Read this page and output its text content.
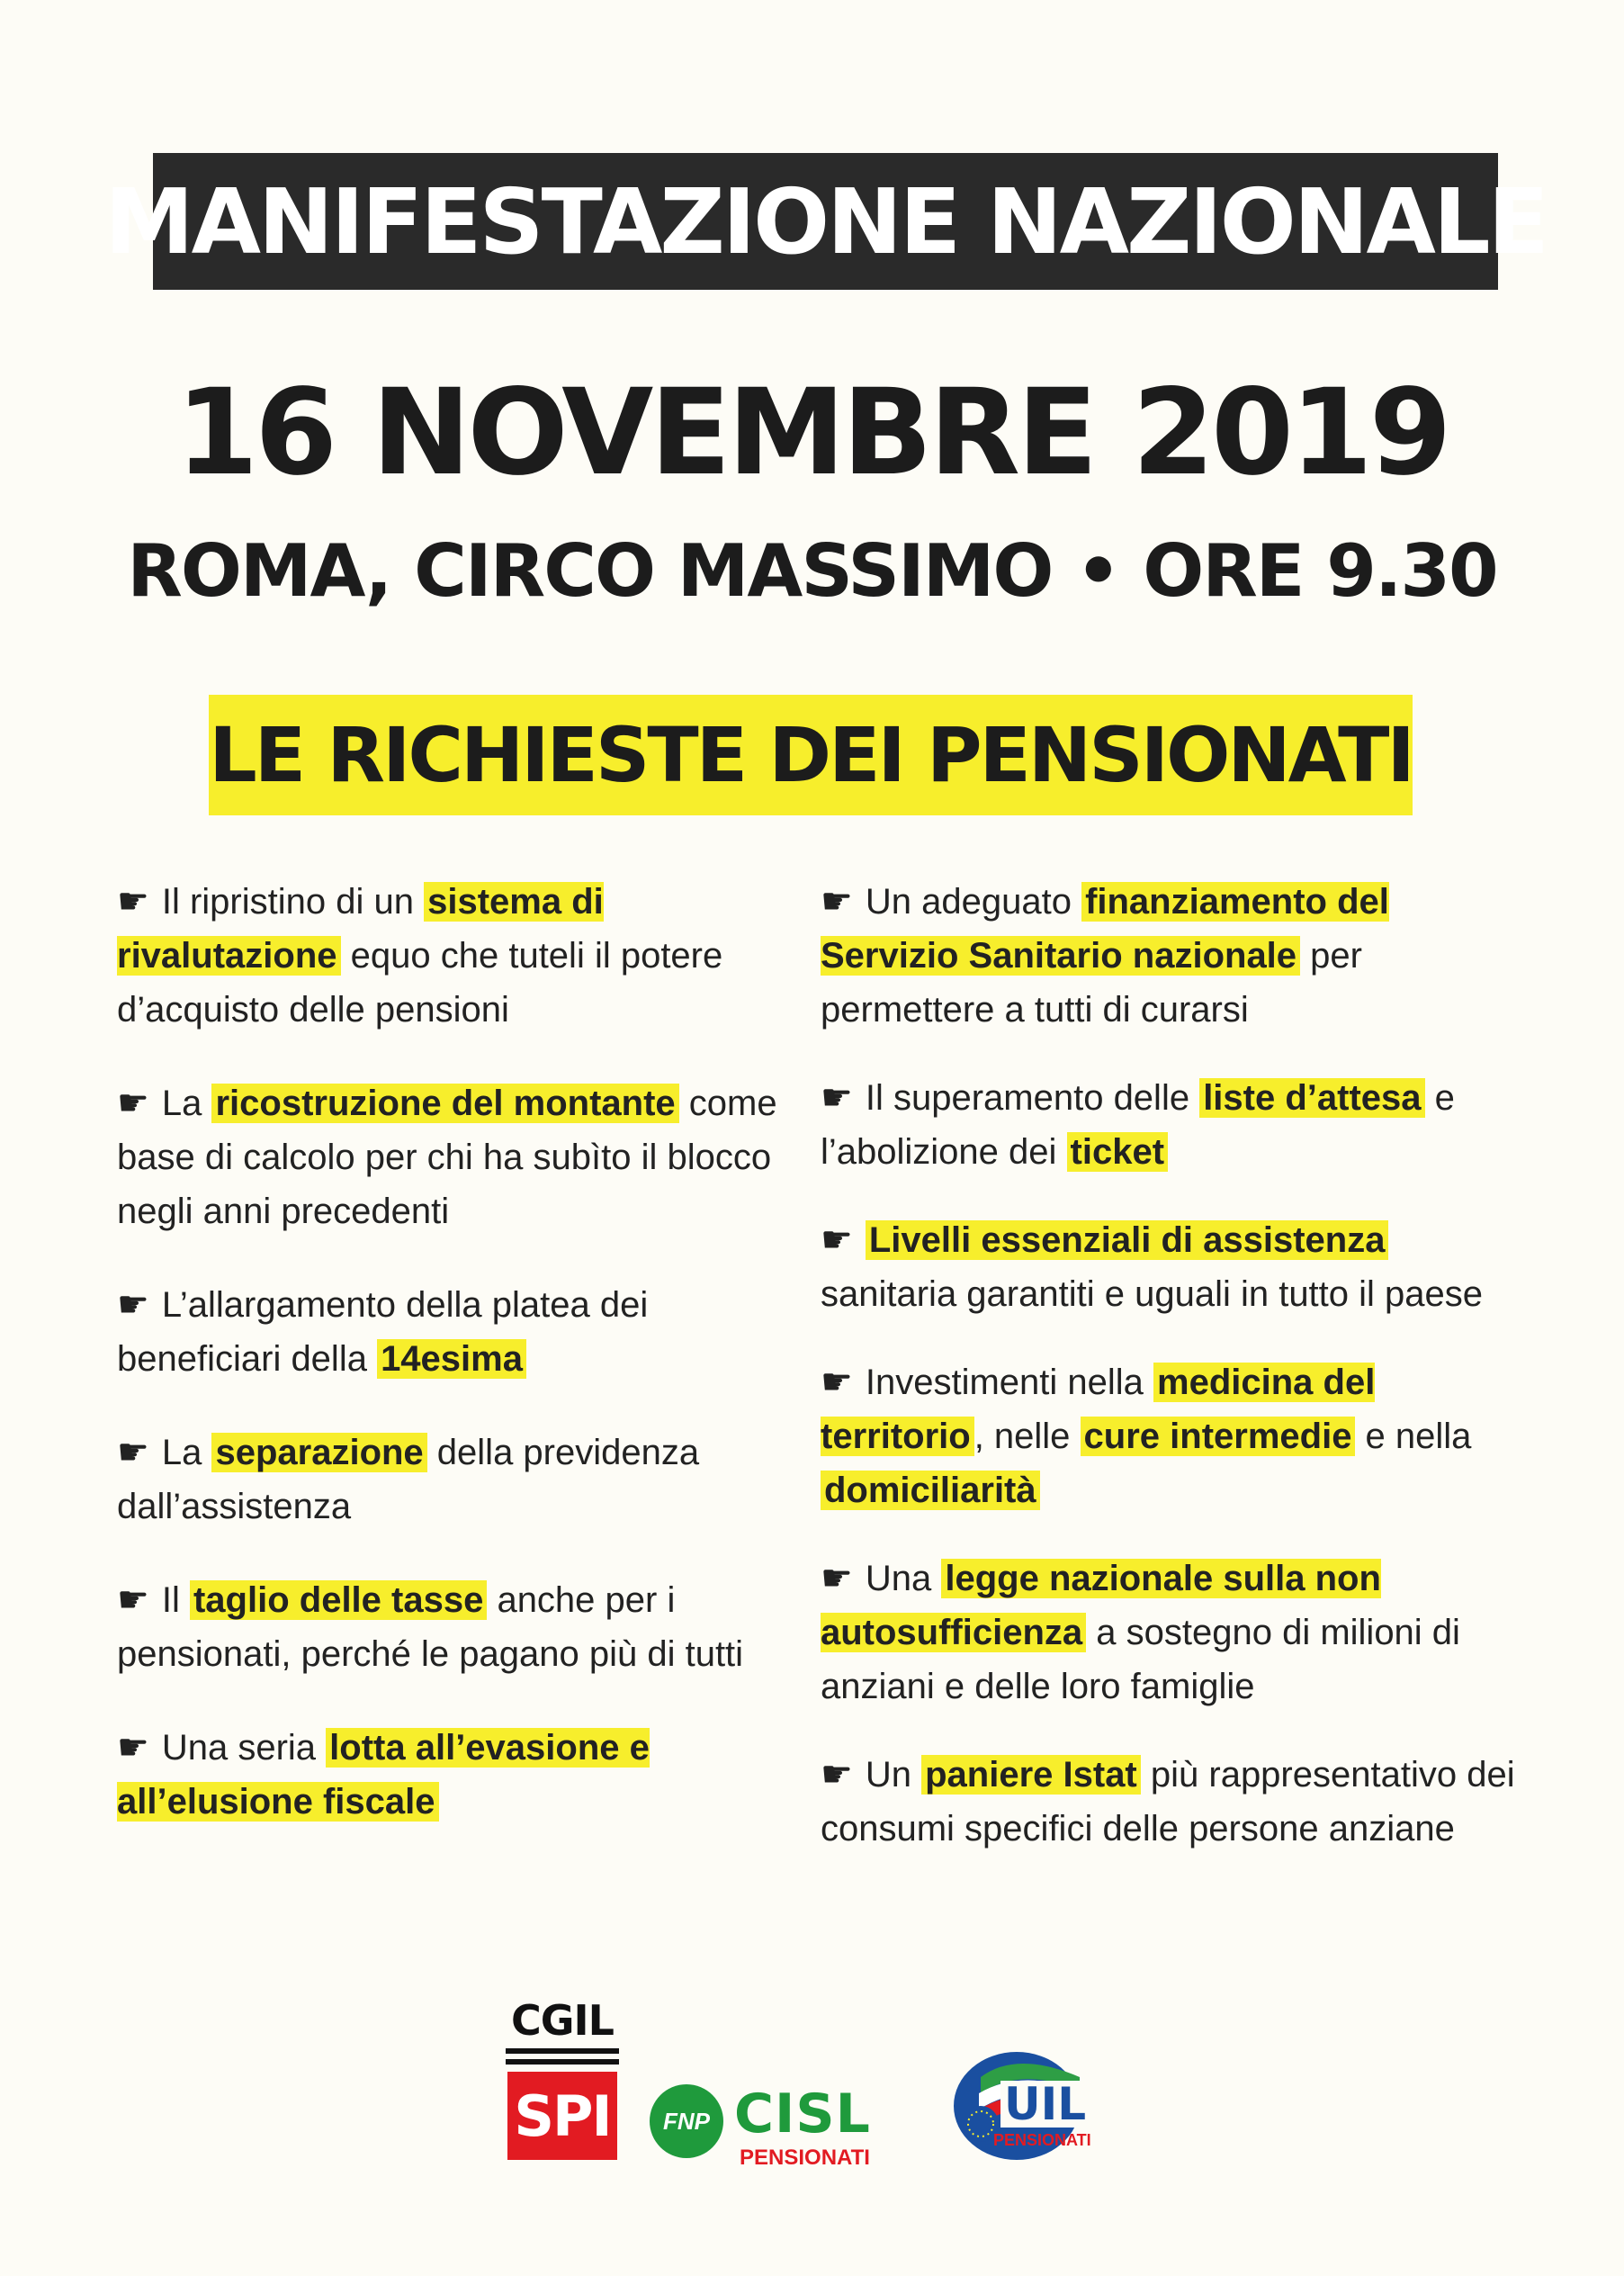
MANIFESTAZIONE NAZIONALE
16 NOVEMBRE 2019
ROMA, CIRCO MASSIMO • ORE 9.30
LE RICHIESTE DEI PENSIONATI

☛ Il ripristino di un sistema di rivalutazione equo che tuteli il potere d’acquisto delle pensioni

☛ La ricostruzione del montante come base di calcolo per chi ha subìto il blocco negli anni precedenti

☛ L’allargamento della platea dei beneficiari della 14esima

☛ La separazione della previdenza dall’assistenza

☛ Il taglio delle tasse anche per i pensionati, perché le pagano più di tutti

☛ Una seria lotta all’evasione e all’elusione fiscale

☛ Un adeguato finanziamento del Servizio Sanitario nazionale per permettere a tutti di curarsi

☛ Il superamento delle liste d’attesa e l’abolizione dei ticket

☛ Livelli essenziali di assistenza sanitaria garantiti e uguali in tutto il paese

☛ Investimenti nella medicina del territorio , nelle cure intermedie e nella domiciliarità

☛ Una legge nazionale sulla non autosufficienza a sostegno di milioni di anziani e delle loro famiglie

☛ Un paniere Istat più rappresentativo dei consumi specifici delle persone anziane

CGIL
SPI	FNP CISL
PENSIONATI
UIL
PENSIONATI
